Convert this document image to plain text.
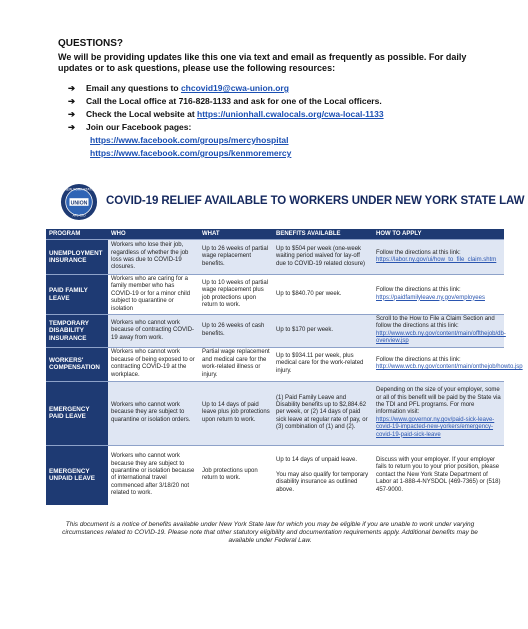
QUESTIONS?
We will be providing updates like this one via text and email as frequently as possible. For daily updates or to ask questions, please use the following resources:
➔ Email any questions to chcovid19@cwa-union.org
➔ Call the Local office at 716-828-1133 and ask for one of the Local officers.
➔ Check the Local website at https://unionhall.cwalocals.org/cwa-local-1133
➔ Join our Facebook pages:
https://www.facebook.com/groups/mercyhospital
https://www.facebook.com/groups/kenmoremercy
UNION
NEW YORK STATE
AFL-CIO
COVID-19 RELIEF AVAILABLE TO WORKERS UNDER NEW YORK STATE LAW
PROGRAM	WHO	WHAT	BENEFITS AVAILABLE	HOW TO APPLY
UNEMPLOYMENT INSURANCE	Workers who lose their job, regardless of whether the job loss was due to COVID-19 closures.	Up to 26 weeks of partial wage replacement benefits.	Up to $504 per week (one-week waiting period waived for lay-off due to COVID-19 related closure)	Follow the directions at this link:
https://labor.ny.gov/ui/how_to_file_claim.shtm
PAID FAMILY LEAVE	Workers who are caring for a family member who has COVID-19 or for a minor child subject to quarantine or isolation	Up to 10 weeks of partial wage replacement plus job protections upon return to work.	Up to $840.70 per week.	Follow the directions at this link:
https://paidfamilyleave.ny.gov/employees
TEMPORARY DISABILITY INSURANCE	Workers who cannot work because of contracting COVID-19 away from work.	Up to 26 weeks of cash benefits.	Up to $170 per week.	Scroll to the How to File a Claim Section and follow the directions at this link:
http://www.wcb.ny.gov/content/main/offthejob/db-overview.jsp
WORKERS' COMPENSATION	Workers who cannot work because of being exposed to or contracting COVID-19 at the workplace.	Partial wage replacement and medical care for the work-related illness or injury.	Up to $934.11 per week, plus medical care for the work-related injury.	Follow the directions at this link:
http://www.wcb.ny.gov/content/main/onthejob/howto.jsp
EMERGENCY PAID LEAVE	Workers who cannot work because they are subject to quarantine or isolation orders.	Up to 14 days of paid leave plus job protections upon return to work.	(1) Paid Family Leave and Disability benefits up to $2,884.62 per week, or (2) 14 days of paid sick leave at regular rate of pay, or (3) combination of (1) and (2).	Depending on the size of your employer, some or all of this benefit will be paid by the State via the TDI and PFL programs. For more information visit:
https://www.governor.ny.gov/paid-sick-leave-covid-19-impacted-new-yorkers/emergency-covid-19-paid-sick-leave
EMERGENCY UNPAID LEAVE	Workers who cannot work because they are subject to quarantine or isolation because of international travel commenced after 3/18/20 not related to work.	Job protections upon return to work.	Up to 14 days of unpaid leave.

You may also qualify for temporary disability insurance as outlined above.	Discuss with your employer. If your employer fails to return you to your prior position, please contact the New York State Department of Labor at 1-888-4-NYSDOL (469-7365) or (518) 457-9000.
This document is a notice of benefits available under New York State law for which you may be eligible if you are unable to work under varying circumstances related to COVID-19. Please note that other statutory eligibility and documentation requirements apply. Additional benefits may be available under Federal Law.
